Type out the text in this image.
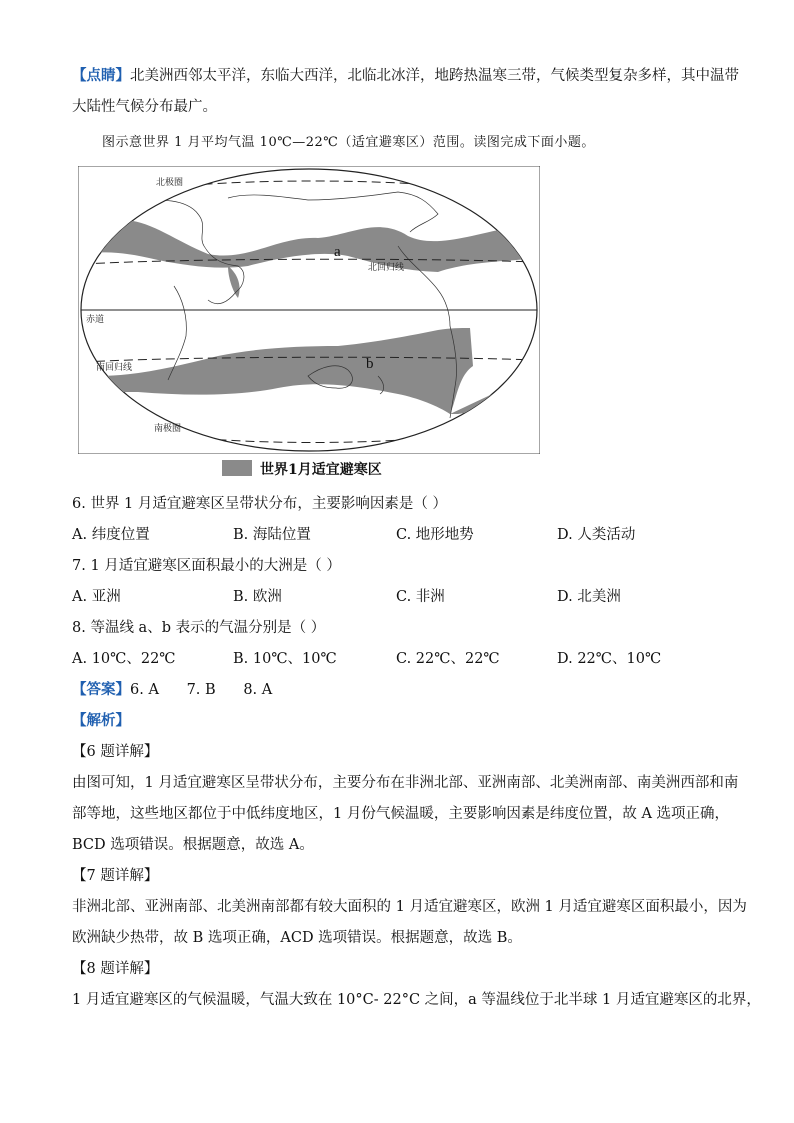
【点睛】北美洲西邻太平洋，东临大西洋，北临北冰洋，地跨热温寒三带，气候类型复杂多样，其中温带
大陆性气候分布最广。
图示意世界 1 月平均气温 10℃—22℃（适宜避寒区）范围。读图完成下面小题。
北极圈
北回归线
赤道
南回归线
南极圈
a
b
世界1月适宜避寒区
6. 世界 1 月适宜避寒区呈带状分布，主要影响因素是（ ）
A. 纬度位置	B. 海陆位置	C. 地形地势	D. 人类活动
7. 1 月适宜避寒区面积最小的大洲是（ ）
A. 亚洲	B. 欧洲	C. 非洲	D. 北美洲
8. 等温线 a、b 表示的气温分别是（ ）
A. 10℃、22℃	B. 10℃、10℃	C. 22℃、22℃	D. 22℃、10℃
【答案】6. A      7. B      8. A
【解析】
【6 题详解】
由图可知，1 月适宜避寒区呈带状分布，主要分布在非洲北部、亚洲南部、北美洲南部、南美洲西部和南
部等地，这些地区都位于中低纬度地区，1 月份气候温暖，主要影响因素是纬度位置，故 A 选项正确，
BCD 选项错误。根据题意，故选 A。
【7 题详解】
非洲北部、亚洲南部、北美洲南部都有较大面积的 1 月适宜避寒区，欧洲 1 月适宜避寒区面积最小，因为
欧洲缺少热带，故 B 选项正确，ACD 选项错误。根据题意，故选 B。
【8 题详解】
1 月适宜避寒区的气候温暖，气温大致在 10°C- 22°C 之间，a 等温线位于北半球 1 月适宜避寒区的北界，
